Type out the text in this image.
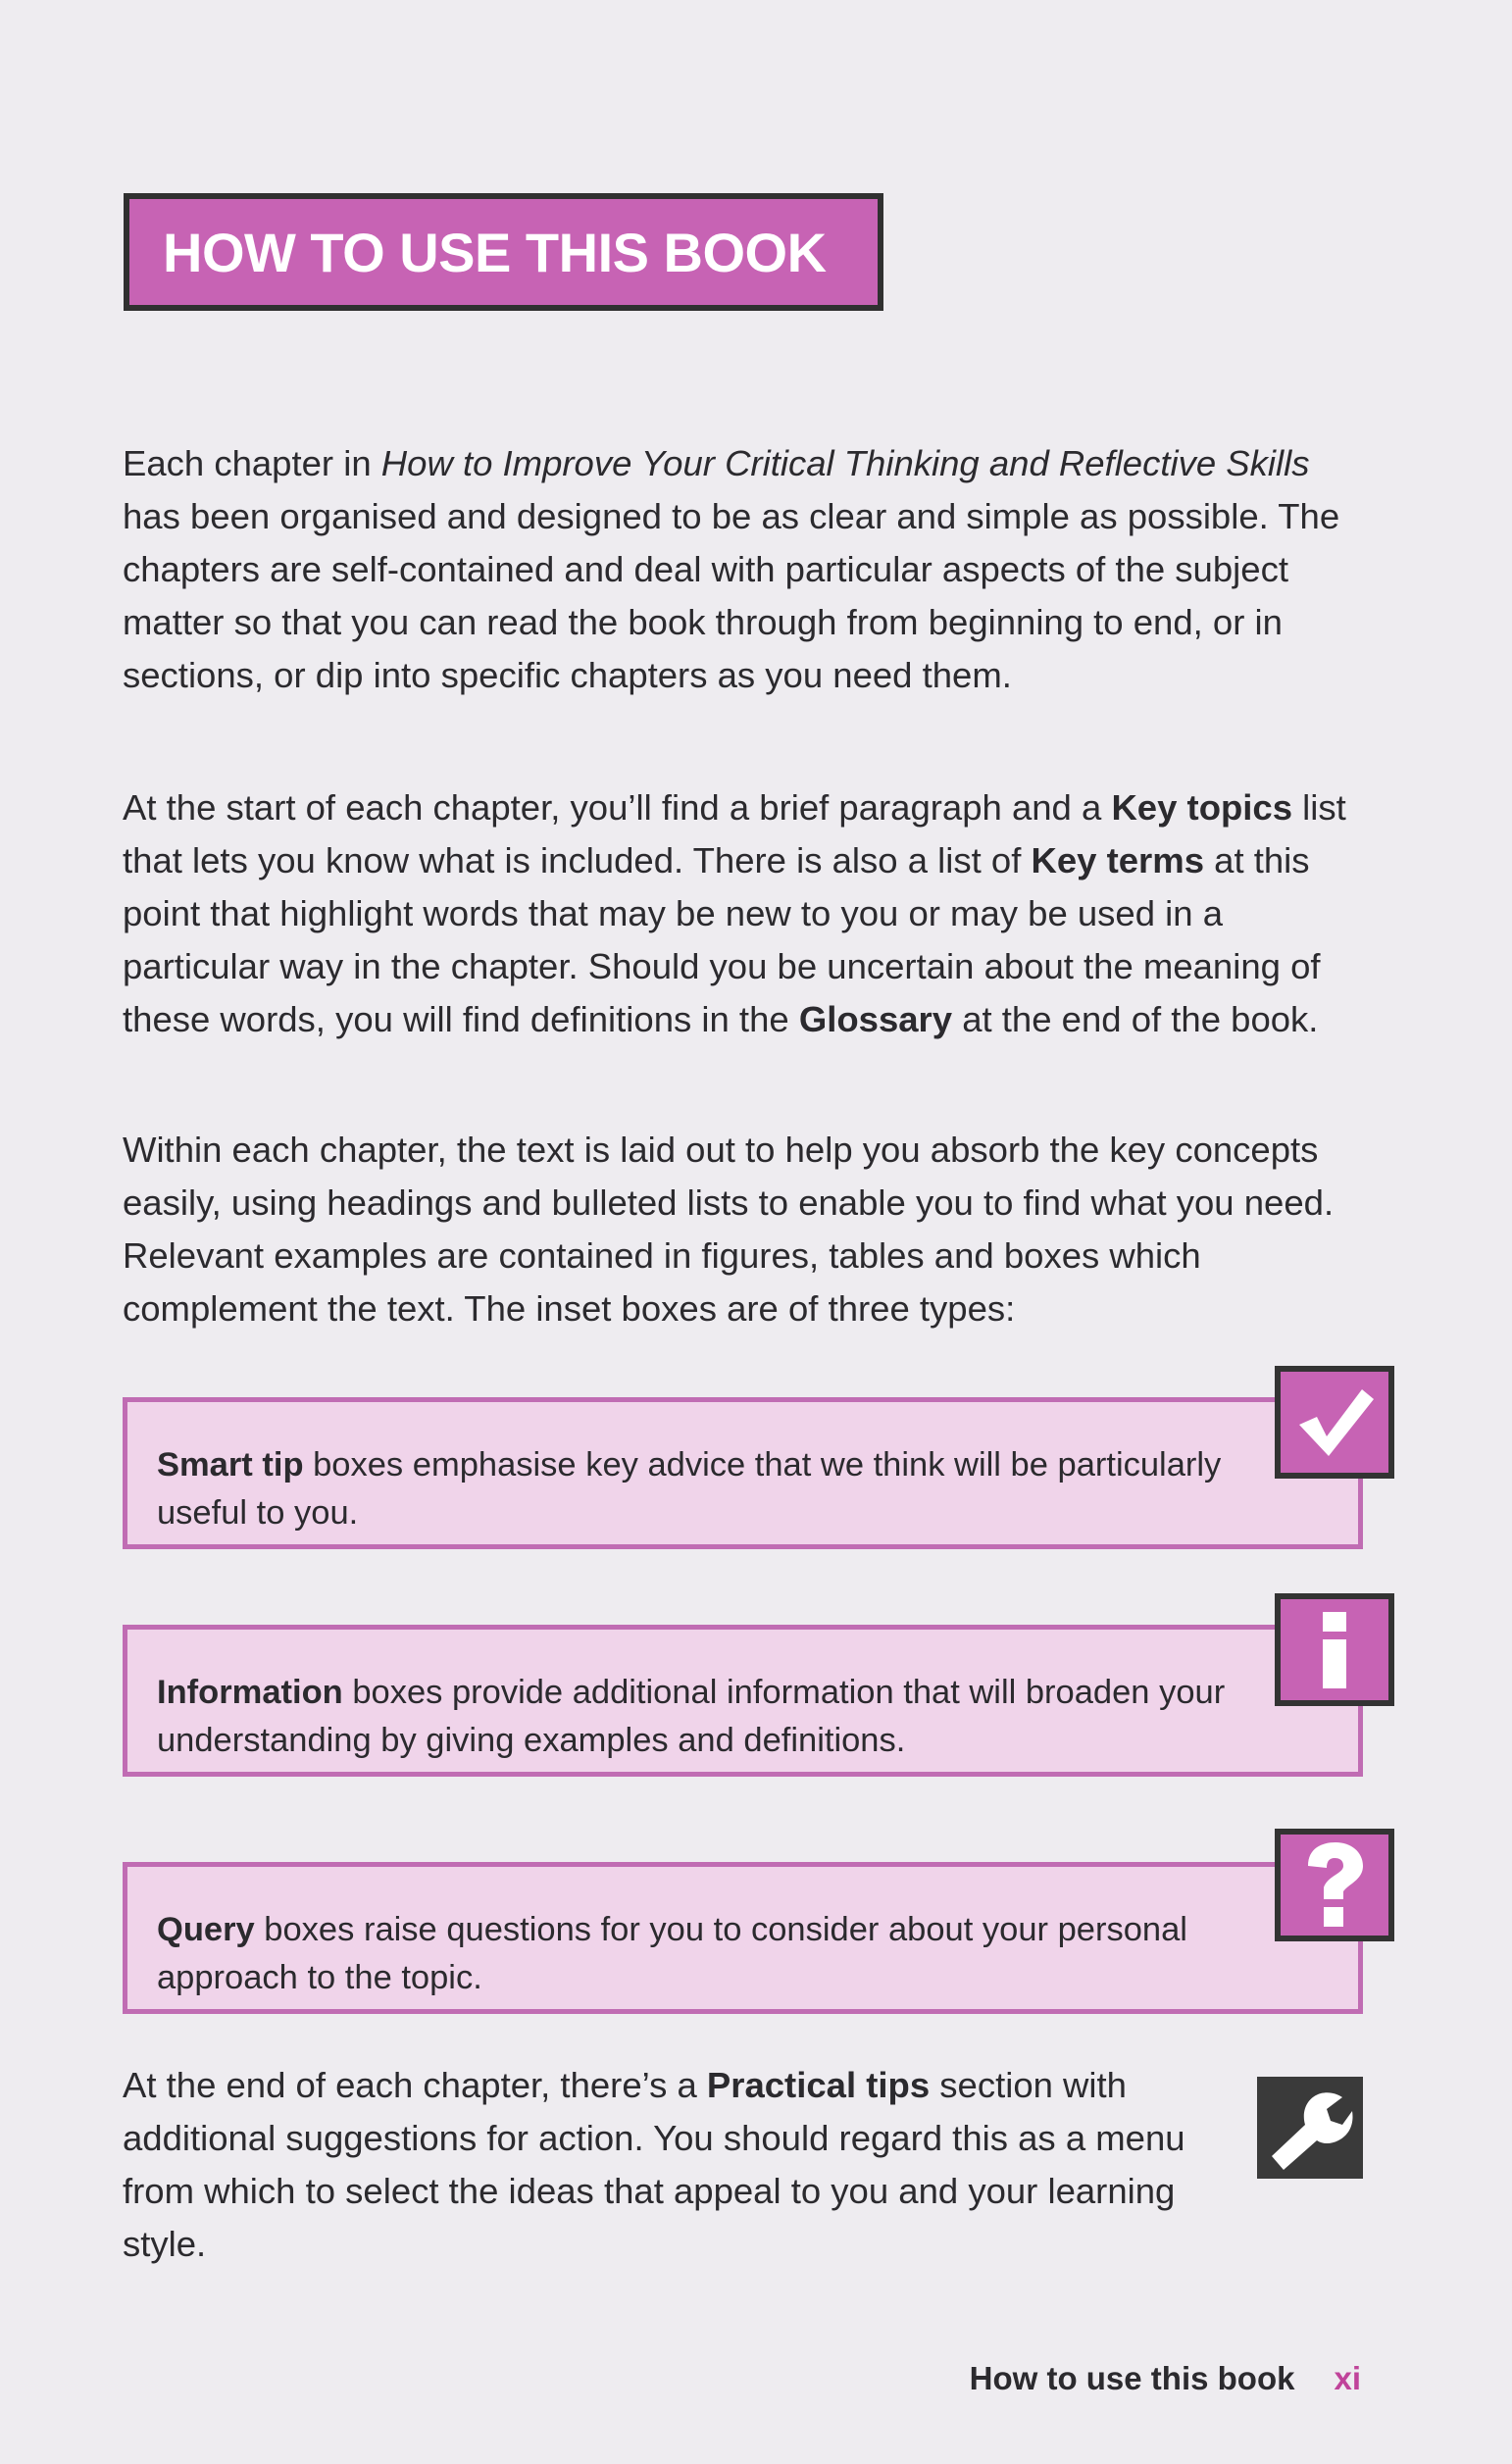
HOW TO USE THIS BOOK

Each chapter in How to Improve Your Critical Thinking and Reflective Skills has been organised and designed to be as clear and simple as possible. The chapters are self-contained and deal with particular aspects of the subject matter so that you can read the book through from beginning to end, or in sections, or dip into specific chapters as you need them.

At the start of each chapter, you’ll find a brief paragraph and a Key topics list that lets you know what is included. There is also a list of Key terms at this point that highlight words that may be new to you or may be used in a particular way in the chapter. Should you be uncertain about the meaning of these words, you will find definitions in the Glossary at the end of the book.

Within each chapter, the text is laid out to help you absorb the key concepts easily, using headings and bulleted lists to enable you to find what you need. Relevant examples are contained in figures, tables and boxes which complement the text. The inset boxes are of three types:

Smart tip boxes emphasise key advice that we think will be particularly useful to you.
Information boxes provide additional information that will broaden your understanding by giving examples and definitions.
Query boxes raise questions for you to consider about your personal approach to the topic.

At the end of each chapter, there’s a Practical tips section with additional suggestions for action. You should regard this as a menu from which to select the ideas that appeal to you and your learning style.

How to use this book xi
